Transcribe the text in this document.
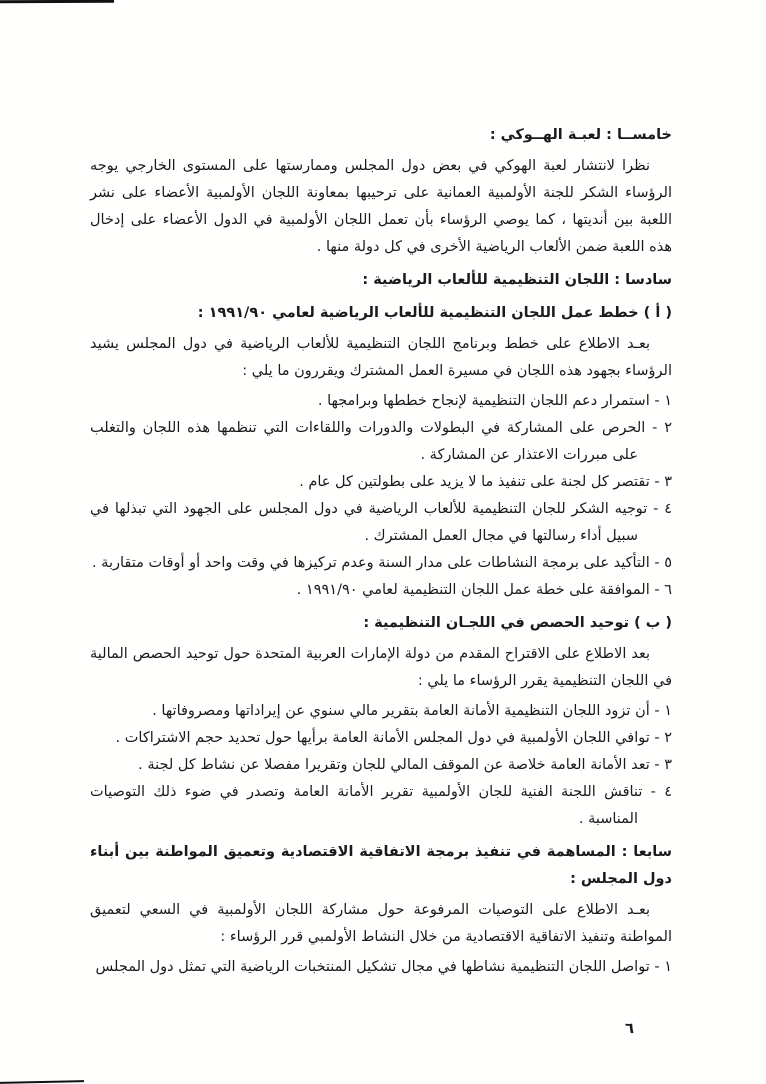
خامســا : لعبـة الهــوكي :

نظرا لانتشار لعبة الهوكي في بعض دول المجلس وممارستها على المستوى الخارجي يوجه الرؤساء الشكر للجنة الأولمبية العمانية على ترحيبها بمعاونة اللجان الأولمبية الأعضاء على نشر اللعبة بين أنديتها ، كما يوصي الرؤساء بأن تعمل اللجان الأولمبية في الدول الأعضاء على إدخال هذه اللعبة ضمن الألعاب الرياضية الأخرى في كل دولة منها .

سادسا : اللجان التنظيمية للألعاب الرياضية :
( أ ) خطط عمل اللجان التنظيمية للألعاب الرياضية لعامي ١٩٩١/٩٠ :

بعـد الاطلاع على خطط وبرنامج اللجان التنظيمية للألعاب الرياضية في دول المجلس يشيد الرؤساء بجهود هذه اللجان في مسيرة العمل المشترك ويقررون ما يلي :

١ - استمرار دعم اللجان التنظيمية لإنجاح خططها وبرامجها .

٢ - الحرص على المشاركة في البطولات والدورات واللقاءات التي تنظمها هذه اللجان والتغلب على مبررات الاعتذار عن المشاركة .

٣ - تقتصر كل لجنة على تنفيذ ما لا يزيد على بطولتين كل عام .

٤ - توجيه الشكر للجان التنظيمية للألعاب الرياضية في دول المجلس على الجهود التي تبذلها في سبيل أداء رسالتها في مجال العمل المشترك .

٥ - التأكيد على برمجة النشاطات على مدار السنة وعدم تركيزها في وقت واحد أو أوقات متقاربة .

٦ - الموافقة على خطة عمل اللجان التنظيمية لعامي ١٩٩١/٩٠ .

( ب ) توحيد الحصص في اللجـان التنظيمية :

بعد الاطلاع على الاقتراح المقدم من دولة الإمارات العربية المتحدة حول توحيد الحصص المالية في اللجان التنظيمية يقرر الرؤساء ما يلي :

١ - أن تزود اللجان التنظيمية الأمانة العامة بتقرير مالي سنوي عن إيراداتها ومصروفاتها .

٢ - توافي اللجان الأولمبية في دول المجلس الأمانة العامة برأيها حول تحديد حجم الاشتراكات .

٣ - تعد الأمانة العامة خلاصة عن الموقف المالي للجان وتقريرا مفصلا عن نشاط كل لجنة .

٤ - تناقش اللجنة الفنية للجان الأولمبية تقرير الأمانة العامة وتصدر في ضوء ذلك التوصيات المناسبة .

سابعا : المساهمة في تنفيذ برمجة الاتفاقية الاقتصادية وتعميق المواطنة بين أبناء دول المجلس :

بعـد الاطلاع على التوصيات المرفوعة حول مشاركة اللجان الأولمبية في السعي لتعميق المواطنة وتنفيذ الاتفاقية الاقتصادية من خلال النشاط الأولمبي قرر الرؤساء :

١ - تواصل اللجان التنظيمية نشاطها في مجال تشكيل المنتخبات الرياضية التي تمثل دول المجلس

٦
